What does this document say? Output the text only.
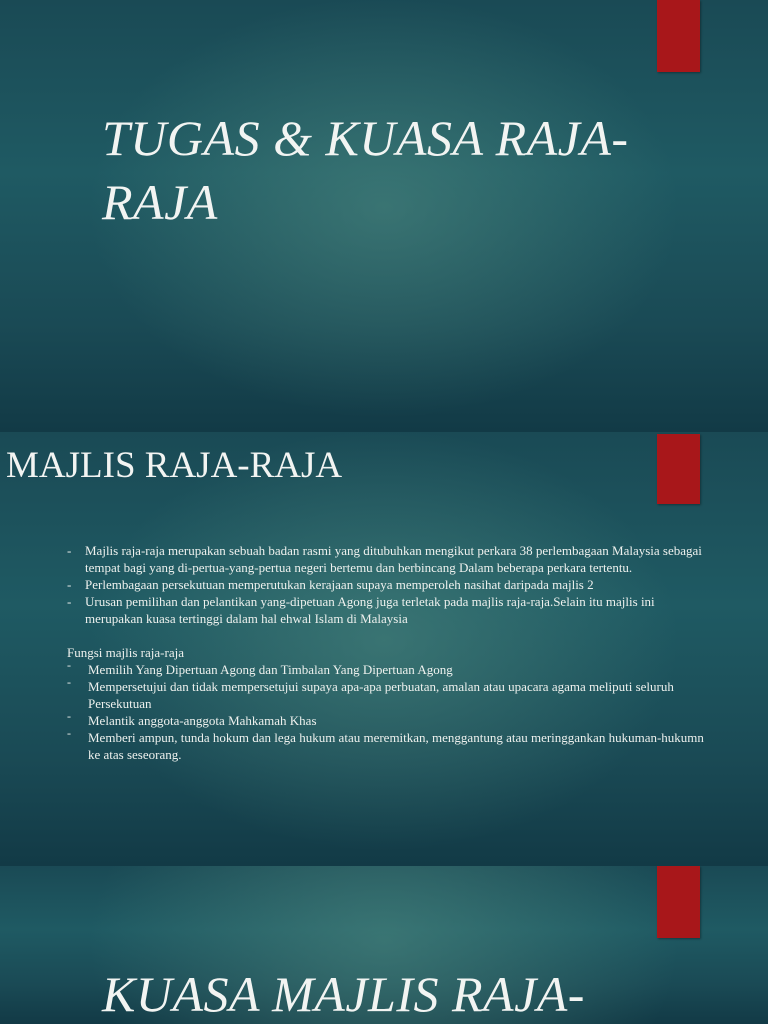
TUGAS & KUASA RAJA-RAJA
MAJLIS RAJA-RAJA
- Majlis raja-raja merupakan sebuah badan rasmi yang ditubuhkan mengikut perkara 38 perlembagaan Malaysia sebagai tempat bagi yang di-pertua-yang-pertua negeri bertemu dan berbincang Dalam beberapa perkara tertentu.
- Perlembagaan persekutuan memperutukan kerajaan supaya memperoleh nasihat daripada majlis 2
- Urusan pemilihan dan pelantikan yang-dipetuan Agong juga terletak pada majlis raja-raja.Selain itu majlis ini merupakan kuasa tertinggi dalam hal ehwal Islam di Malaysia
Fungsi majlis raja-raja
- Memilih Yang Dipertuan Agong dan Timbalan Yang Dipertuan Agong
- Mempersetujui dan tidak mempersetujui supaya apa-apa perbuatan, amalan atau upacara agama meliputi seluruh Persekutuan
- Melantik anggota-anggota Mahkamah Khas
- Memberi ampun, tunda hokum dan lega hukum atau meremitkan, menggantung atau meringgankan hukuman-hukumn ke atas seseorang.
KUASA MAJLIS RAJA-
